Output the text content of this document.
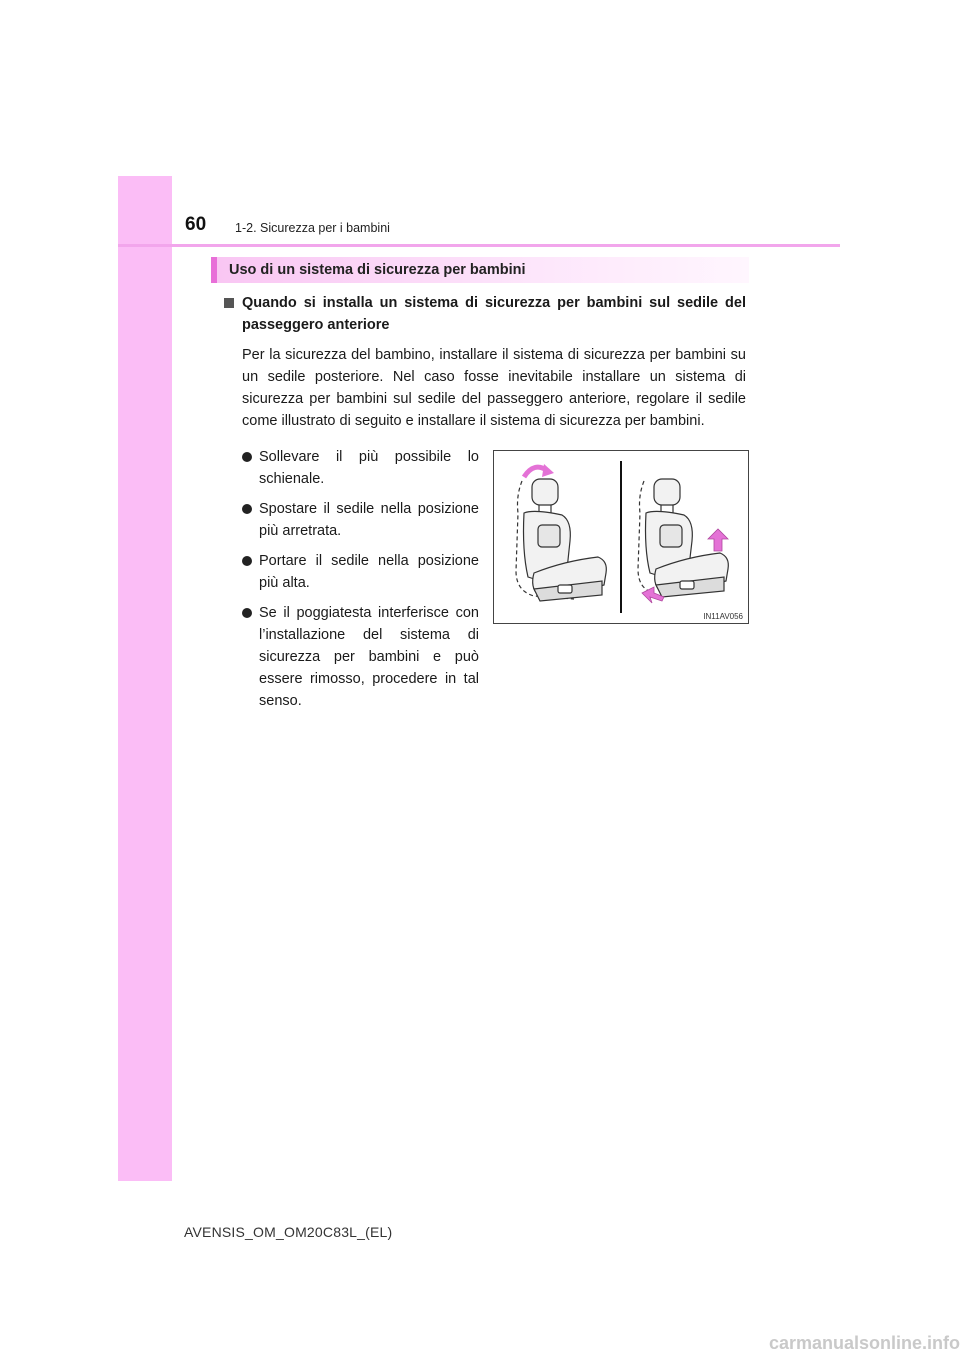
60 1-2. Sicurezza per i bambini
Uso di un sistema di sicurezza per bambini
Quando si installa un sistema di sicurezza per bambini sul sedile del passeggero anteriore
Per la sicurezza del bambino, installare il sistema di sicurezza per bambini su un sedile posteriore. Nel caso fosse inevitabile installare un sistema di sicurezza per bambini sul sedile del passeggero anteriore, regolare il sedile come illustrato di seguito e installare il sistema di sicurezza per bambini.
Sollevare il più possibile lo schienale.
Spostare il sedile nella posizione più arretrata.
Portare il sedile nella posizione più alta.
Se il poggiatesta interferisce con l’installazione del sistema di sicurezza per bambini e può essere rimosso, procedere in tal senso.
IN11AV056
AVENSIS_OM_OM20C83L_(EL)
carmanualsonline.info
